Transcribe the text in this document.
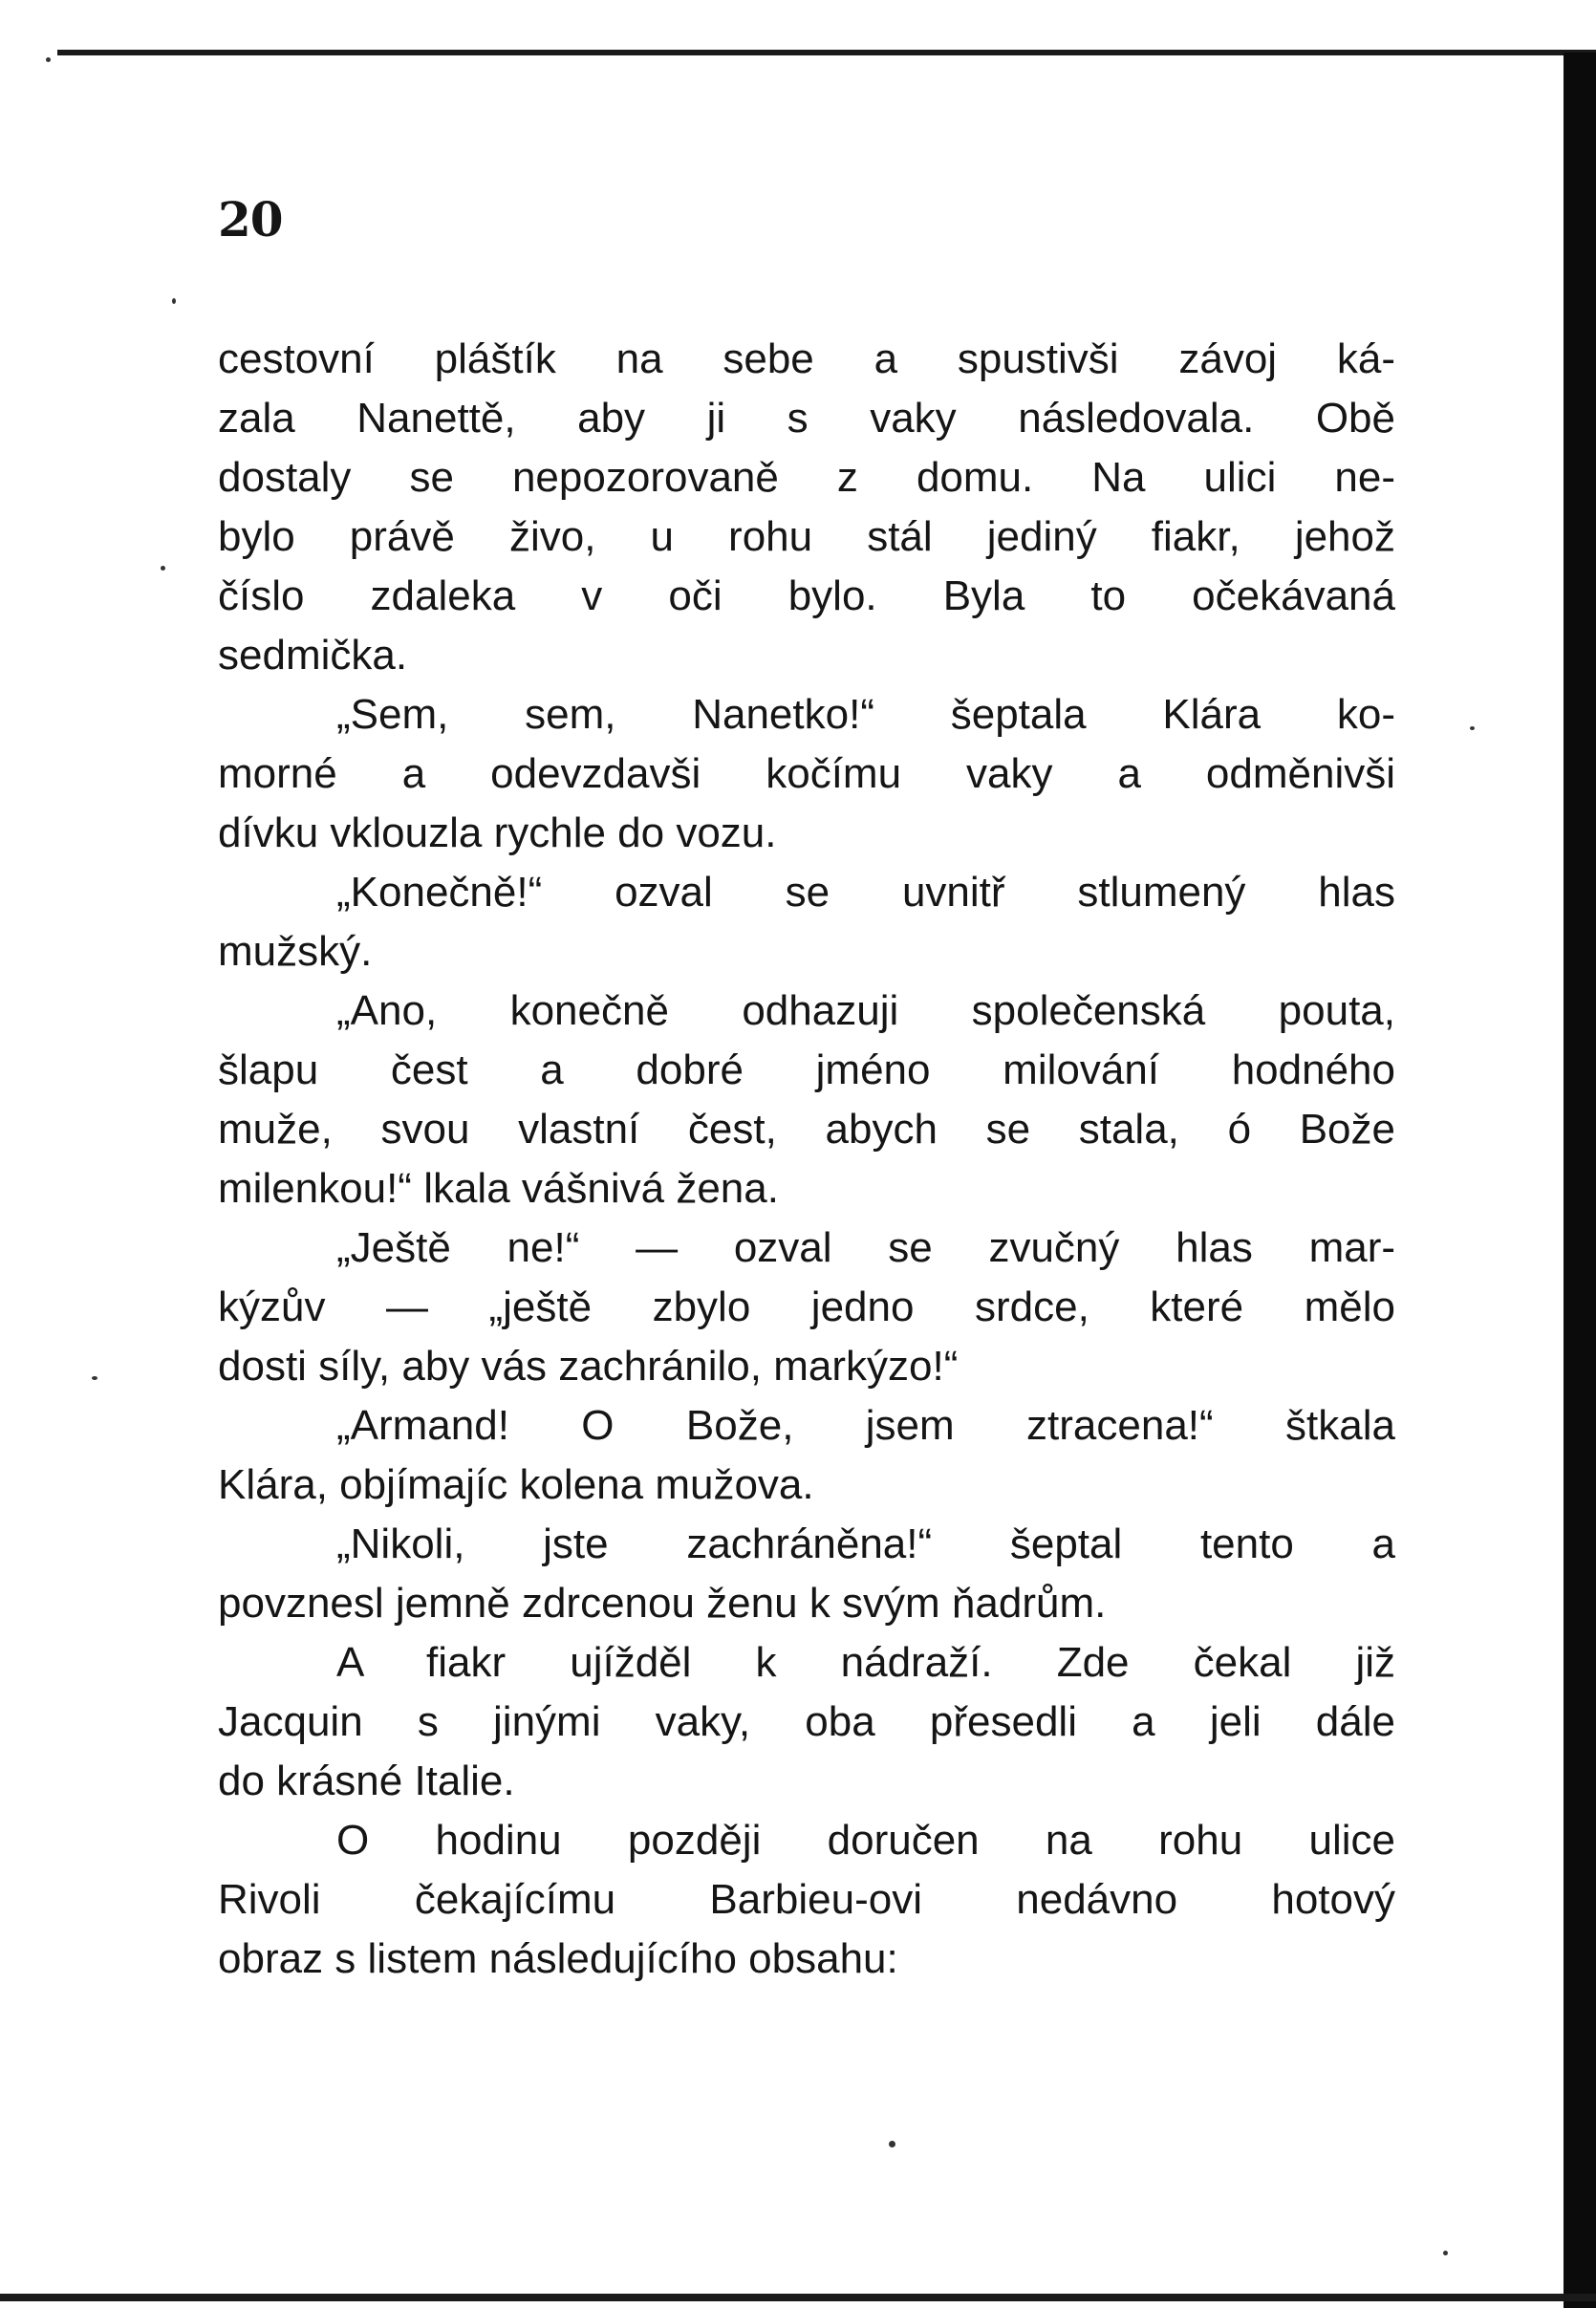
20
cestovní pláštík na sebe a spustivši závoj ká-
zala Nanettě, aby ji s vaky následovala. Obě
dostaly se nepozorovaně z domu. Na ulici ne-
bylo právě živo, u rohu stál jediný fiakr, jehož
číslo zdaleka v oči bylo. Byla to očekávaná
sedmička.
„Sem, sem, Nanetko!“ šeptala Klára ko-
morné a odevzdavši kočímu vaky a odměnivši
dívku vklouzla rychle do vozu.
„Konečně!“ ozval se uvnitř stlumený hlas
mužský.
„Ano, konečně odhazuji společenská pouta,
šlapu čest a dobré jméno milování hodného
muže, svou vlastní čest, abych se stala, ó Bože
milenkou!“ lkala vášnivá žena.
„Ještě ne!“ — ozval se zvučný hlas mar-
kýzův — „ještě zbylo jedno srdce, které mělo
dosti síly, aby vás zachránilo, markýzo!“
„Armand! O Bože, jsem ztracena!“ štkala
Klára, objímajíc kolena mužova.
„Nikoli, jste zachráněna!“ šeptal tento a
povznesl jemně zdrcenou ženu k svým ňadrům.
A fiakr ujížděl k nádraží. Zde čekal již
Jacquin s jinými vaky, oba přesedli a jeli dále
do krásné Italie.
O hodinu později doručen na rohu ulice
Rivoli čekajícímu Barbieu-ovi nedávno hotový
obraz s listem následujícího obsahu:
